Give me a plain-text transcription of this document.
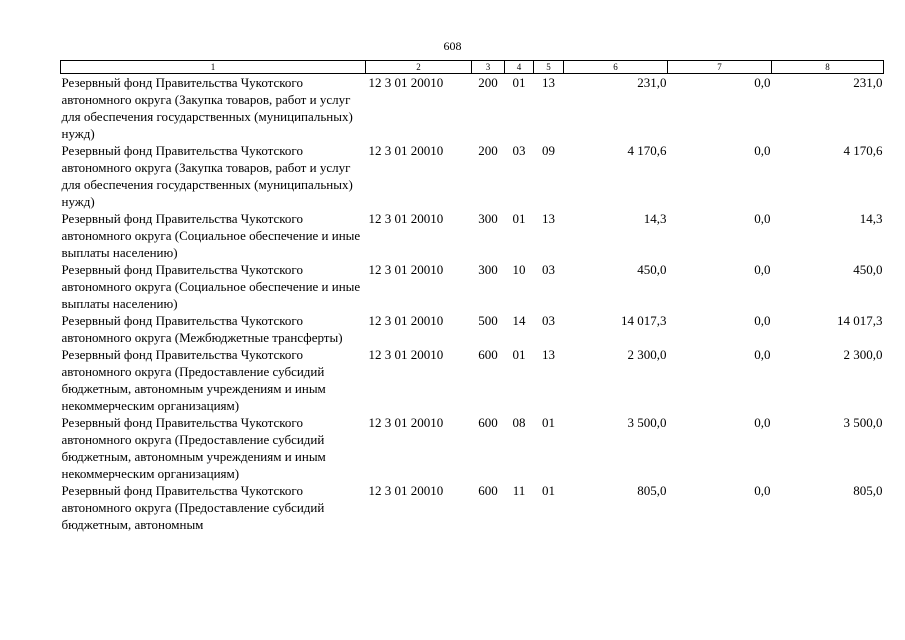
608
1	2	3	4	5	6	7	8
Резервный фонд Правительства Чукотского автономного округа (Закупка товаров, работ и услуг для обеспечения государственных (муниципальных) нужд)	12 3 01 20010	200	01	13	231,0	0,0	231,0
Резервный фонд Правительства Чукотского автономного округа (Закупка товаров, работ и услуг для обеспечения государственных (муниципальных) нужд)	12 3 01 20010	200	03	09	4 170,6	0,0	4 170,6
Резервный фонд Правительства Чукотского автономного округа (Социальное обеспечение и иные выплаты населению)	12 3 01 20010	300	01	13	14,3	0,0	14,3
Резервный фонд Правительства Чукотского автономного округа (Социальное обеспечение и иные выплаты населению)	12 3 01 20010	300	10	03	450,0	0,0	450,0
Резервный фонд Правительства Чукотского автономного округа (Межбюджетные трансферты)	12 3 01 20010	500	14	03	14 017,3	0,0	14 017,3
Резервный фонд Правительства Чукотского автономного округа (Предоставление субсидий бюджетным, автономным учреждениям и иным некоммерческим организациям)	12 3 01 20010	600	01	13	2 300,0	0,0	2 300,0
Резервный фонд Правительства Чукотского автономного округа (Предоставление субсидий бюджетным, автономным учреждениям и иным некоммерческим организациям)	12 3 01 20010	600	08	01	3 500,0	0,0	3 500,0
Резервный фонд Правительства Чукотского автономного округа (Предоставление субсидий бюджетным, автономным	12 3 01 20010	600	11	01	805,0	0,0	805,0
